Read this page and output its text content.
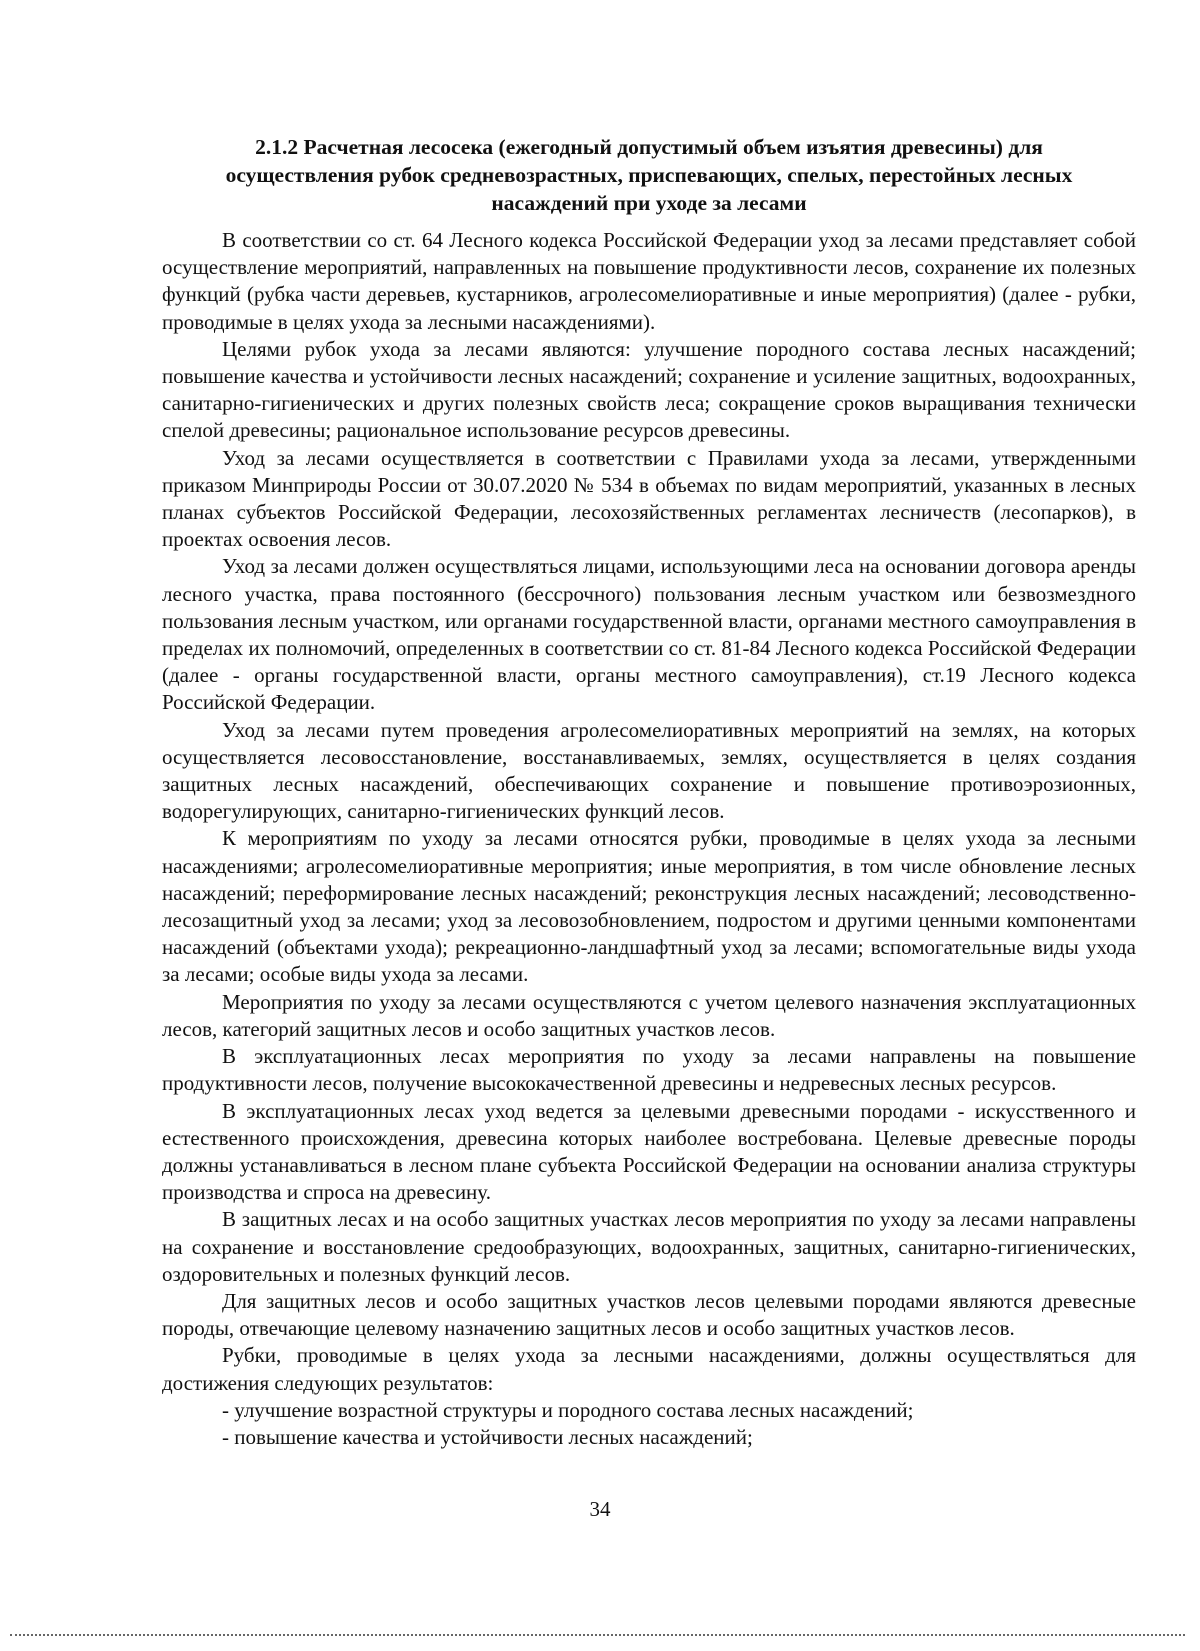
2.1.2 Расчетная лесосека (ежегодный допустимый объем изъятия древесины) для осуществления рубок средневозрастных, приспевающих, спелых, перестойных лесных насаждений при уходе за лесами

В соответствии со ст. 64 Лесного кодекса Российской Федерации уход за лесами представляет собой осуществление мероприятий, направленных на повышение продуктивности лесов, сохранение их полезных функций (рубка части деревьев, кустарников, агролесомелиоративные и иные мероприятия) (далее - рубки, проводимые в целях ухода за лесными насаждениями).

Целями рубок ухода за лесами являются: улучшение породного состава лесных насаждений; повышение качества и устойчивости лесных насаждений; сохранение и усиление защитных, водоохранных, санитарно-гигиенических и других полезных свойств леса; сокращение сроков выращивания технически спелой древесины; рациональное использование ресурсов древесины.

Уход за лесами осуществляется в соответствии с Правилами ухода за лесами, утвержденными приказом Минприроды России от 30.07.2020 № 534 в объемах по видам мероприятий, указанных в лесных планах субъектов Российской Федерации, лесохозяйственных регламентах лесничеств (лесопарков), в проектах освоения лесов.

Уход за лесами должен осуществляться лицами, использующими леса на основании договора аренды лесного участка, права постоянного (бессрочного) пользования лесным участком или безвозмездного пользования лесным участком, или органами государственной власти, органами местного самоуправления в пределах их полномочий, определенных в соответствии со ст. 81-84 Лесного кодекса Российской Федерации (далее - органы государственной власти, органы местного самоуправления), ст.19 Лесного кодекса Российской Федерации.

Уход за лесами путем проведения агролесомелиоративных мероприятий на землях, на которых осуществляется лесовосстановление, восстанавливаемых, землях, осуществляется в целях создания защитных лесных насаждений, обеспечивающих сохранение и повышение противоэрозионных, водорегулирующих, санитарно-гигиенических функций лесов.

К мероприятиям по уходу за лесами относятся рубки, проводимые в целях ухода за лесными насаждениями; агролесомелиоративные мероприятия; иные мероприятия, в том числе обновление лесных насаждений; переформирование лесных насаждений; реконструкция лесных насаждений; лесоводственно-лесозащитный уход за лесами; уход за лесовозобновлением, подростом и другими ценными компонентами насаждений (объектами ухода); рекреационно-ландшафтный уход за лесами; вспомогательные виды ухода за лесами; особые виды ухода за лесами.

Мероприятия по уходу за лесами осуществляются с учетом целевого назначения эксплуатационных лесов, категорий защитных лесов и особо защитных участков лесов.

В эксплуатационных лесах мероприятия по уходу за лесами направлены на повышение продуктивности лесов, получение высококачественной древесины и недревесных лесных ресурсов.

В эксплуатационных лесах уход ведется за целевыми древесными породами - искусственного и естественного происхождения, древесина которых наиболее востребована. Целевые древесные породы должны устанавливаться в лесном плане субъекта Российской Федерации на основании анализа структуры производства и спроса на древесину.

В защитных лесах и на особо защитных участках лесов мероприятия по уходу за лесами направлены на сохранение и восстановление средообразующих, водоохранных, защитных, санитарно-гигиенических, оздоровительных и полезных функций лесов.

Для защитных лесов и особо защитных участков лесов целевыми породами являются древесные породы, отвечающие целевому назначению защитных лесов и особо защитных участков лесов.

Рубки, проводимые в целях ухода за лесными насаждениями, должны осуществляться для достижения следующих результатов:

- улучшение возрастной структуры и породного состава лесных насаждений;

- повышение качества и устойчивости лесных насаждений;

34
